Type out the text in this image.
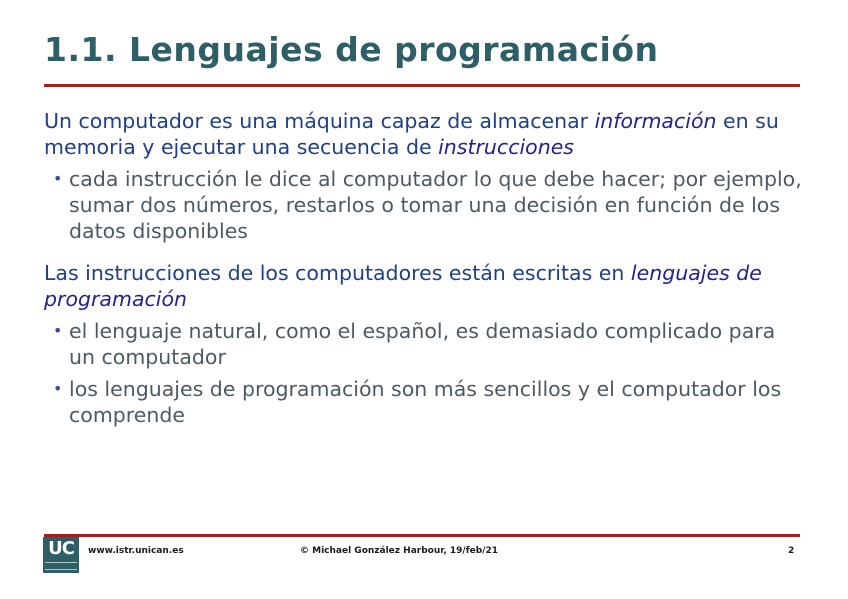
1.1. Lenguajes de programación

Un computador es una máquina capaz de almacenar información en su memoria y ejecutar una secuencia de instrucciones

• cada instrucción le dice al computador lo que debe hacer; por ejemplo, sumar dos números, restarlos o tomar una decisión en función de los datos disponibles

Las instrucciones de los computadores están escritas en lenguajes de programación

• el lenguaje natural, como el español, es demasiado complicado para un computador
• los lenguajes de programación son más sencillos y el computador los comprende
UC	www.istr.unican.es	© Michael González Harbour, 19/feb/21	2
